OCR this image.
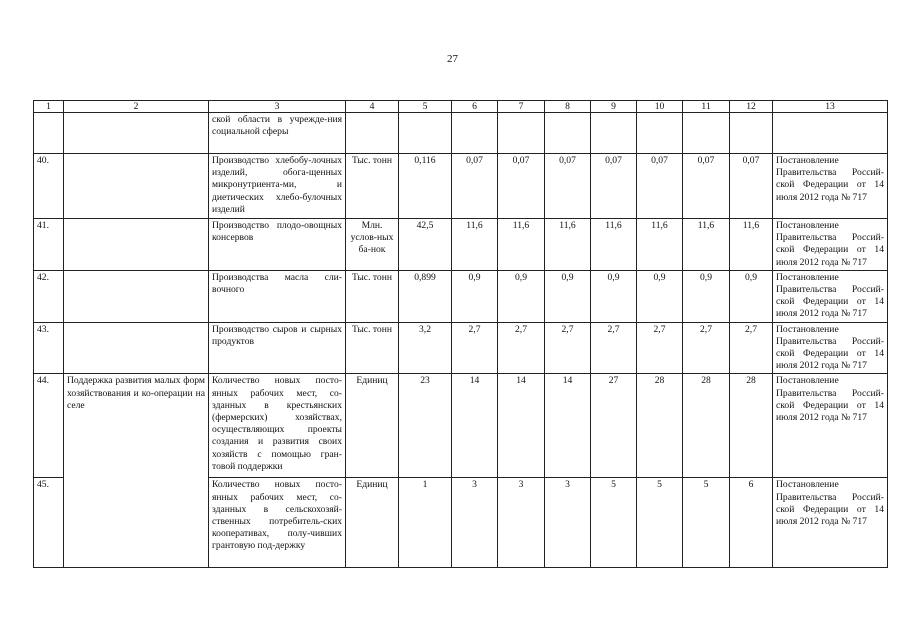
27
1	2	3	4	5	6	7	8	9	10	11	12	13
		ской области в учрежде-ния социальной сферы										
40.		Производство хлебобу-лочных изделий, обога-щенных микронутриента-ми, и диетических хлебо-булочных изделий	Тыс. тонн	0,116	0,07	0,07	0,07	0,07	0,07	0,07	0,07	Постановление Правительства Россий-ской Федерации от 14 июля 2012 года № 717
41.		Производство плодо-овощных консервов	Млн. услов-ных ба-нок	42,5	11,6	11,6	11,6	11,6	11,6	11,6	11,6	Постановление Правительства Россий-ской Федерации от 14 июля 2012 года № 717
42.		Производства масла сли-вочного	Тыс. тонн	0,899	0,9	0,9	0,9	0,9	0,9	0,9	0,9	Постановление Правительства Россий-ской Федерации от 14 июля 2012 года № 717
43.		Производство сыров и сырных продуктов	Тыс. тонн	3,2	2,7	2,7	2,7	2,7	2,7	2,7	2,7	Постановление Правительства Россий-ской Федерации от 14 июля 2012 года № 717
44.	Поддержка развития малых форм хозяйствования и ко-операции на селе	Количество новых посто-янных рабочих мест, со-зданных в крестьянских (фермерских) хозяйствах, осуществляющих проекты создания и развития своих хозяйств с помощью гран-товой поддержки	Единиц	23	14	14	14	27	28	28	28	Постановление Правительства Россий-ской Федерации от 14 июля 2012 года № 717
45.		Количество новых посто-янных рабочих мест, со-зданных в сельскохозяй-ственных потребитель-ских кооперативах, полу-чивших грантовую под-держку	Единиц	1	3	3	3	5	5	5	6	Постановление Правительства Россий-ской Федерации от 14 июля 2012 года № 717
